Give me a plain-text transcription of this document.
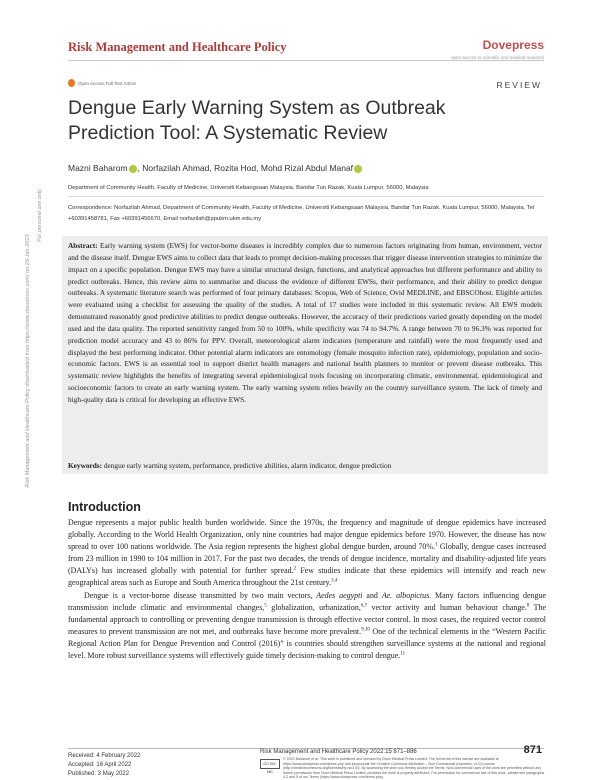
Risk Management and Healthcare Policy	Dovepress
open access to scientific and medical research
Open Access Full Text Article	REVIEW
Dengue Early Warning System as Outbreak Prediction Tool: A Systematic Review
Mazni Baharom , Norfazilah Ahmad, Rozita Hod, Mohd Rizal Abdul Manaf
Department of Community Health, Faculty of Medicine, Universiti Kebangsaan Malaysia, Bandar Tun Razak, Kuala Lumpur, 56000, Malaysia
Correspondence: Norfazilah Ahmad, Department of Community Health, Faculty of Medicine, Universiti Kebangsaan Malaysia, Bandar Tun Razak, Kuala Lumpur, 56000, Malaysia, Tel +60391458781, Fax +60391456670, Email norfazilah@ppukm.ukm.edu.my
Abstract: Early warning system (EWS) for vector-borne diseases is incredibly complex due to numerous factors originating from human, environment, vector and the disease itself. Dengue EWS aims to collect data that leads to prompt decision-making processes that trigger disease intervention strategies to minimize the impact on a specific population. Dengue EWS may have a similar structural design, functions, and analytical approaches but different performance and ability to predict outbreaks. Hence, this review aims to summarise and discuss the evidence of different EWSs, their performance, and their ability to predict dengue outbreaks. A systematic literature search was performed of four primary databases: Scopus, Web of Science, Ovid MEDLINE, and EBSCOhost. Eligible articles were evaluated using a checklist for assessing the quality of the studies. A total of 17 studies were included in this systematic review. All EWS models demonstrated reasonably good predictive abilities to predict dengue outbreaks. However, the accuracy of their predictions varied greatly depending on the model used and the data quality. The reported sensitivity ranged from 50 to 100%, while specificity was 74 to 94.7%. A range between 70 to 96.3% was reported for prediction model accuracy and 43 to 86% for PPV. Overall, meteorological alarm indicators (temperature and rainfall) were the most frequently used and displayed the best performing indicator. Other potential alarm indicators are entomology (female mosquito infection rate), epidemiology, population and socio-economic factors. EWS is an essential tool to support district health managers and national health planners to monitor or prevent disease outbreaks. This systematic review highlights the benefits of integrating several epidemiological tools focusing on incorporating climatic, environmental, epidemiological and socioeconomic factors to create an early warning system. The early warning system relies heavily on the country surveillance system. The lack of timely and high-quality data is critical for developing an effective EWS.
Keywords: dengue early warning system, performance, predictive abilities, alarm indicator, dengue prediction
Risk Management and Healthcare Policy downloaded from https://www.dovepress.com/ on 29-Jan-2023
For personal use only.
Introduction

Dengue represents a major public health burden worldwide. Since the 1970s, the frequency and magnitude of dengue epidemics have increased globally. According to the World Health Organization, only nine countries had major dengue epidemics before 1970. However, the disease has now spread to over 100 nations worldwide. The Asia region represents the highest global dengue burden, around 70%.$^1$ Globally, dengue cases increased from 23 million in 1990 to 104 million in 2017. For the past two decades, the trends of dengue incidence, mortality and disability-adjusted life years (DALYs) has increased globally with potential for further spread.$^2$ Few studies indicate that these epidemics will intensify and reach new geographical areas such as Europe and South America throughout the 21st century.$^{3,4}$

Dengue is a vector-borne disease transmitted by two main vectors, Aedes aegypti and Ae. albopictus. Many factors influencing dengue transmission include climatic and environmental changes,$^5$ globalization, urbanization,$^{6,7}$ vector activity and human behaviour change.$^8$ The fundamental approach to controlling or preventing dengue transmission is through effective vector control. In most cases, the required vector control measures to prevent transmission are not met, and outbreaks have become more prevalent.$^{9,10}$ One of the technical elements in the “Western Pacific Regional Action Plan for Dengue Prevention and Control (2016)” is countries should strengthen surveillance systems at the national and regional level. More robust surveillance systems will effectively guide timely decision-making to control dengue.$^{11}$

Received: 4 February 2022
Accepted: 16 April 2022
Published: 3 May 2022
Risk Management and Healthcare Policy 2022:15 871–886	871
CC BY-NC
© 2022 Baharom et al. This work is published and licensed by Dove Medical Press Limited. The full terms of this license are available at https://www.dovepress.com/terms.php and incorporate the Creative Commons Attribution – Non Commercial (unported, v3.0) License (http://creativecommons.org/licenses/by-nc/3.0/). By accessing the work you hereby accept the Terms. Non-commercial uses of the work are permitted without any further permission from Dove Medical Press Limited, provided the work is properly attributed. For permission for commercial use of this work, please see paragraphs 4.2 and 5 of our Terms (https://www.dovepress.com/terms.php).
